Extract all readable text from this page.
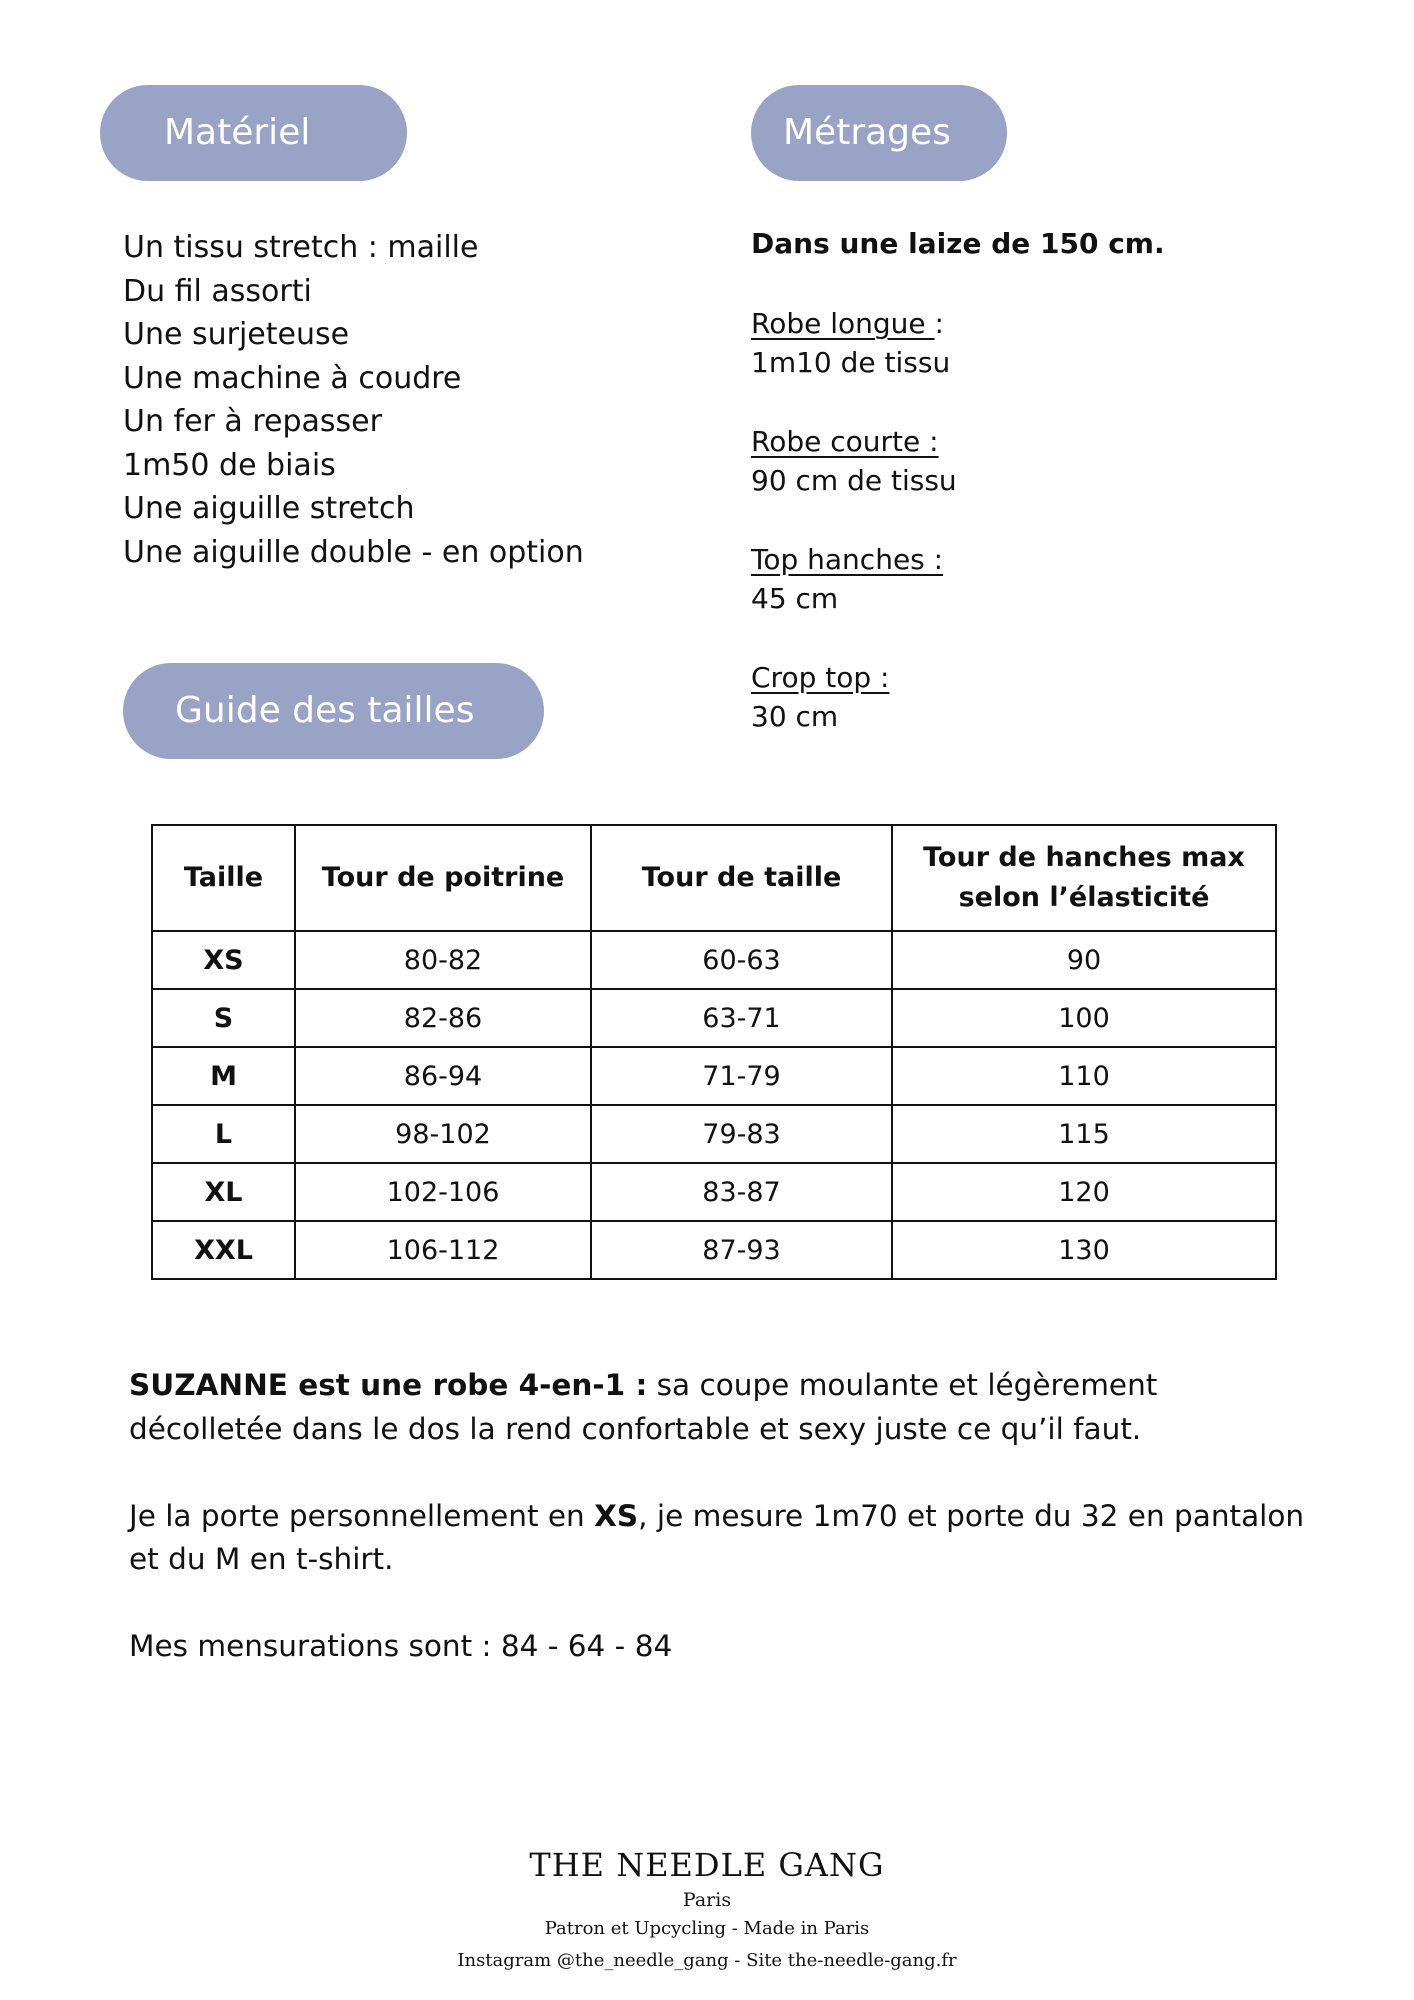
Matériel	Métrages
Un tissu stretch : maille
Du fil assorti
Une surjeteuse
Une machine à coudre
Un fer à repasser
1m50 de biais
Une aiguille stretch
Une aiguille double - en option
Dans une laize de 150 cm.
Robe longue :
1m10 de tissu
Robe courte :
90 cm de tissu
Top hanches :
45 cm
Crop top :
30 cm
Guide des tailles
Taille	Tour de poitrine	Tour de taille	Tour de hanches max
selon l’élasticité
XS	80-82	60-63	90
S	82-86	63-71	100
M	86-94	71-79	110
L	98-102	79-83	115
XL	102-106	83-87	120
XXL	106-112	87-93	130

SUZANNE est une robe 4-en-1 : sa coupe moulante et légèrement décolletée dans le dos la rend confortable et sexy juste ce qu’il faut.

Je la porte personnellement en XS, je mesure 1m70 et porte du 32 en pantalon et du M en t-shirt.

Mes mensurations sont : 84 - 64 - 84

THE NEEDLE GANG
Paris
Patron et Upcycling - Made in Paris
Instagram @the_needle_gang - Site the-needle-gang.fr
